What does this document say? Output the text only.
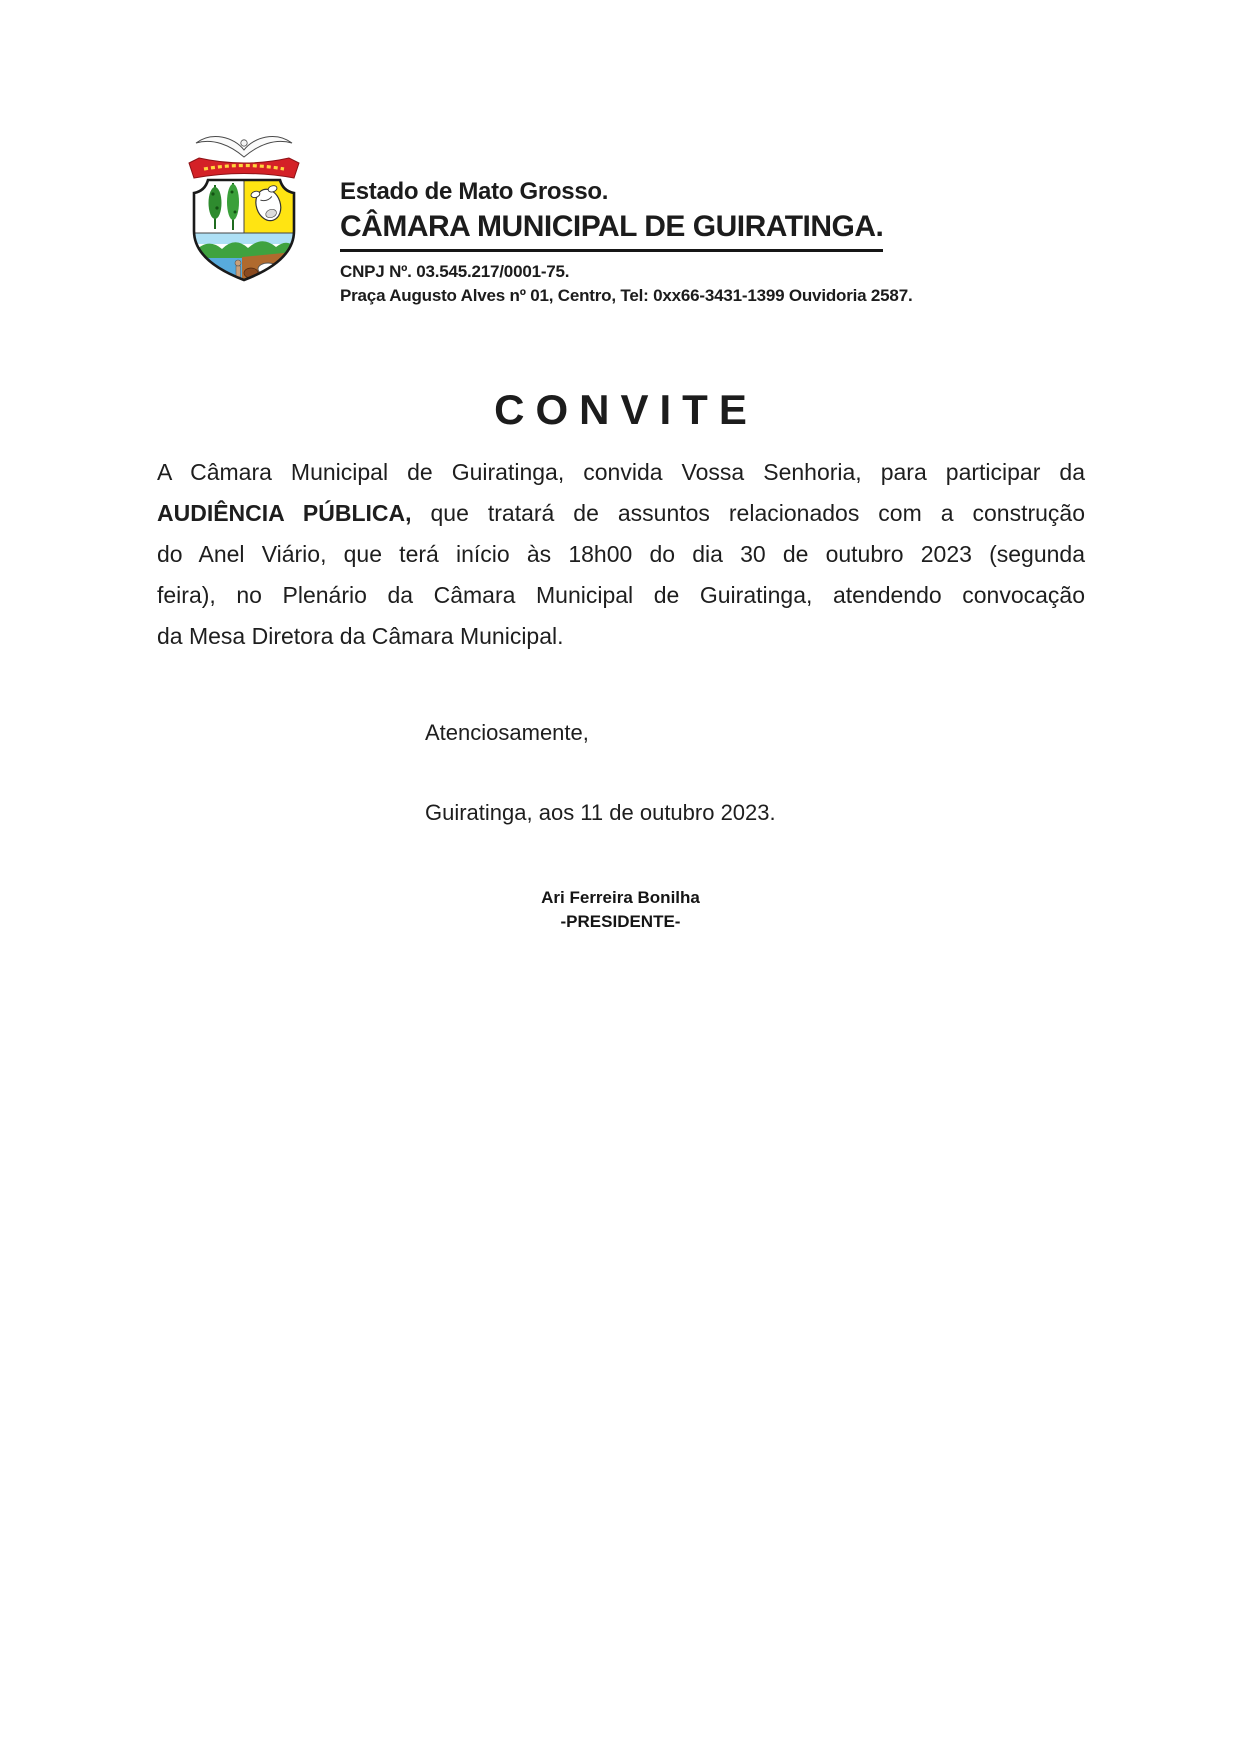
Estado de Mato Grosso.
CÂMARA MUNICIPAL DE GUIRATINGA.
CNPJ Nº. 03.545.217/0001-75.
Praça Augusto Alves nº 01, Centro, Tel: 0xx66-3431-1399 Ouvidoria 2587.
CONVITE
A Câmara Municipal de Guiratinga, convida Vossa Senhoria, para participar da
AUDIÊNCIA PÚBLICA, que tratará de assuntos relacionados com a construção
do Anel Viário, que terá início às 18h00 do dia 30 de outubro 2023 (segunda
feira), no Plenário da Câmara Municipal de Guiratinga, atendendo convocação
da Mesa Diretora da Câmara Municipal.
Atenciosamente,
Guiratinga, aos 11 de outubro 2023.
Ari Ferreira Bonilha
-PRESIDENTE-
